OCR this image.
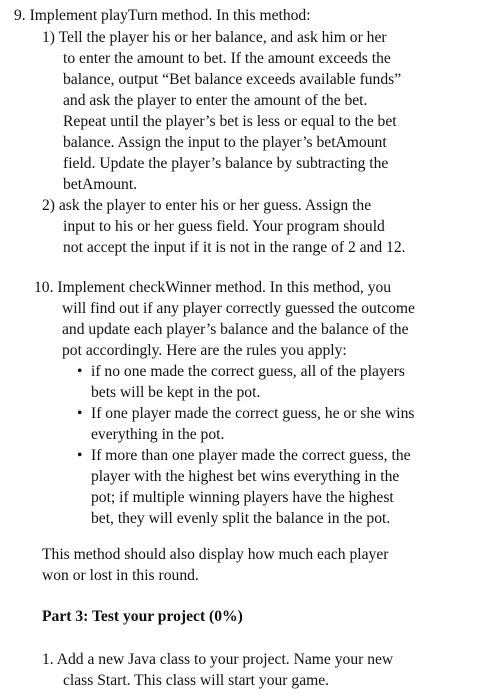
9. Implement playTurn method. In this method:
1) Tell the player his or her balance, and ask him or her
to enter the amount to bet. If the amount exceeds the
balance, output “Bet balance exceeds available funds”
and ask the player to enter the amount of the bet.
Repeat until the player’s bet is less or equal to the bet
balance. Assign the input to the player’s betAmount
field. Update the player’s balance by subtracting the
betAmount.
2) ask the player to enter his or her guess. Assign the
input to his or her guess field. Your program should
not accept the input if it is not in the range of 2 and 12.
10. Implement checkWinner method. In this method, you
will find out if any player correctly guessed the outcome
and update each player’s balance and the balance of the
pot accordingly. Here are the rules you apply:
• if no one made the correct guess, all of the players
bets will be kept in the pot.
• If one player made the correct guess, he or she wins
everything in the pot.
• If more than one player made the correct guess, the
player with the highest bet wins everything in the
pot; if multiple winning players have the highest
bet, they will evenly split the balance in the pot.
This method should also display how much each player
won or lost in this round.
Part 3: Test your project (0%)
1. Add a new Java class to your project. Name your new
class Start. This class will start your game.
